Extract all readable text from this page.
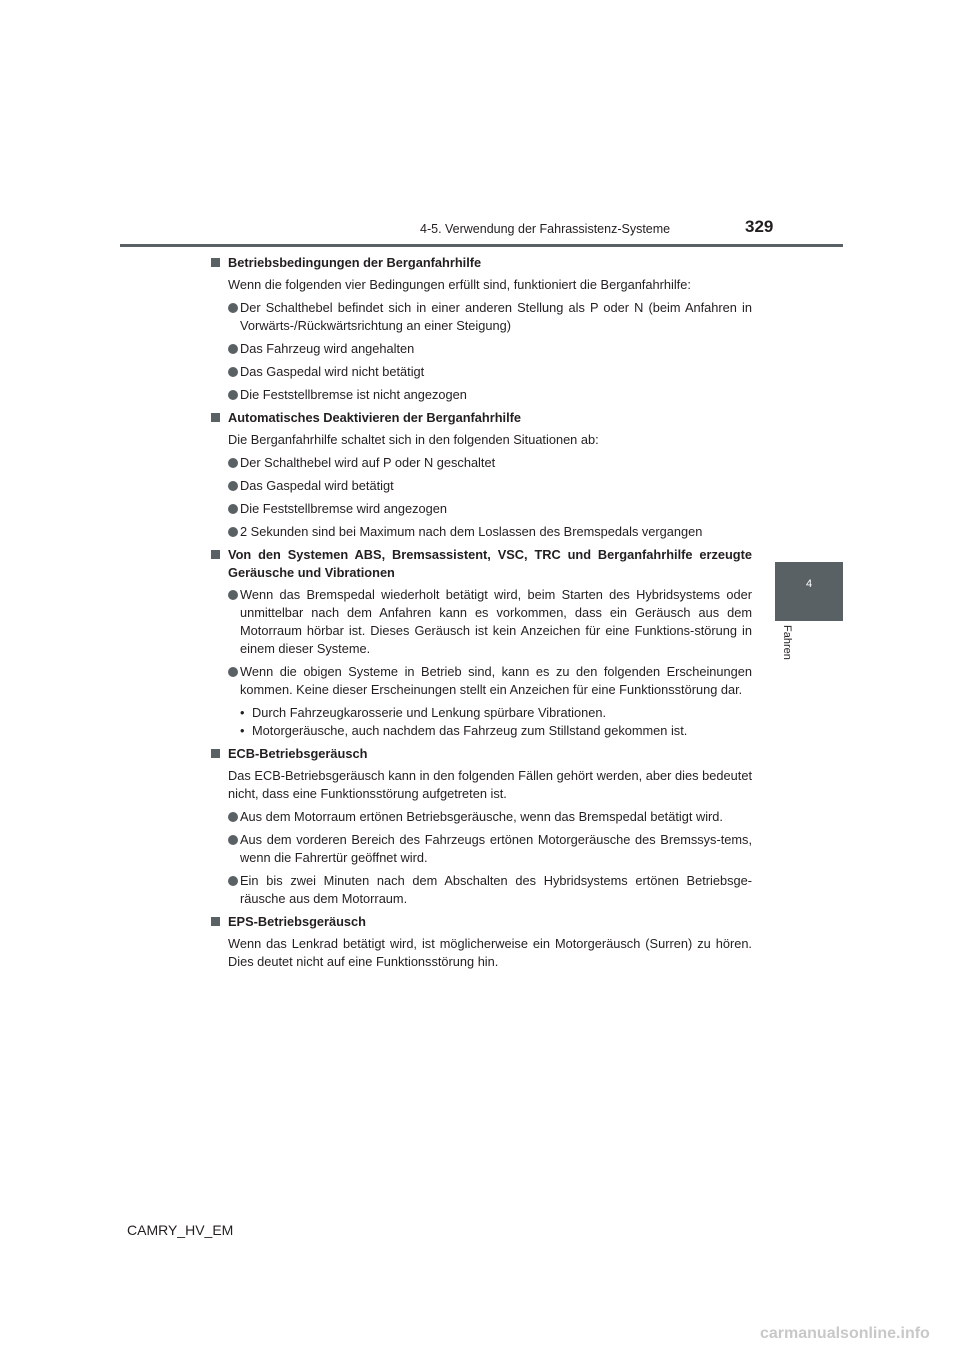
4-5. Verwendung der Fahrassistenz-Systeme	329
4
Fahren
Betriebsbedingungen der Berganfahrhilfe
Wenn die folgenden vier Bedingungen erfüllt sind, funktioniert die Berganfahrhilfe:
Der Schalthebel befindet sich in einer anderen Stellung als P oder N (beim Anfahren in Vorwärts-/Rückwärtsrichtung an einer Steigung)
Das Fahrzeug wird angehalten
Das Gaspedal wird nicht betätigt
Die Feststellbremse ist nicht angezogen
Automatisches Deaktivieren der Berganfahrhilfe
Die Berganfahrhilfe schaltet sich in den folgenden Situationen ab:
Der Schalthebel wird auf P oder N geschaltet
Das Gaspedal wird betätigt
Die Feststellbremse wird angezogen
2 Sekunden sind bei Maximum nach dem Loslassen des Bremspedals vergangen
Von den Systemen ABS, Bremsassistent, VSC, TRC und Berganfahrhilfe erzeugte Geräusche und Vibrationen
Wenn das Bremspedal wiederholt betätigt wird, beim Starten des Hybridsystems oder unmittelbar nach dem Anfahren kann es vorkommen, dass ein Geräusch aus dem Motorraum hörbar ist. Dieses Geräusch ist kein Anzeichen für eine Funktions-störung in einem dieser Systeme.
Wenn die obigen Systeme in Betrieb sind, kann es zu den folgenden Erscheinungen kommen. Keine dieser Erscheinungen stellt ein Anzeichen für eine Funktionsstörung dar.
• Durch Fahrzeugkarosserie und Lenkung spürbare Vibrationen.
• Motorgeräusche, auch nachdem das Fahrzeug zum Stillstand gekommen ist.
ECB-Betriebsgeräusch
Das ECB-Betriebsgeräusch kann in den folgenden Fällen gehört werden, aber dies bedeutet nicht, dass eine Funktionsstörung aufgetreten ist.
Aus dem Motorraum ertönen Betriebsgeräusche, wenn das Bremspedal betätigt wird.
Aus dem vorderen Bereich des Fahrzeugs ertönen Motorgeräusche des Bremssys-tems, wenn die Fahrertür geöffnet wird.
Ein bis zwei Minuten nach dem Abschalten des Hybridsystems ertönen Betriebsge-räusche aus dem Motorraum.
EPS-Betriebsgeräusch
Wenn das Lenkrad betätigt wird, ist möglicherweise ein Motorgeräusch (Surren) zu hören. Dies deutet nicht auf eine Funktionsstörung hin.
CAMRY_HV_EM
carmanualsonline.info
